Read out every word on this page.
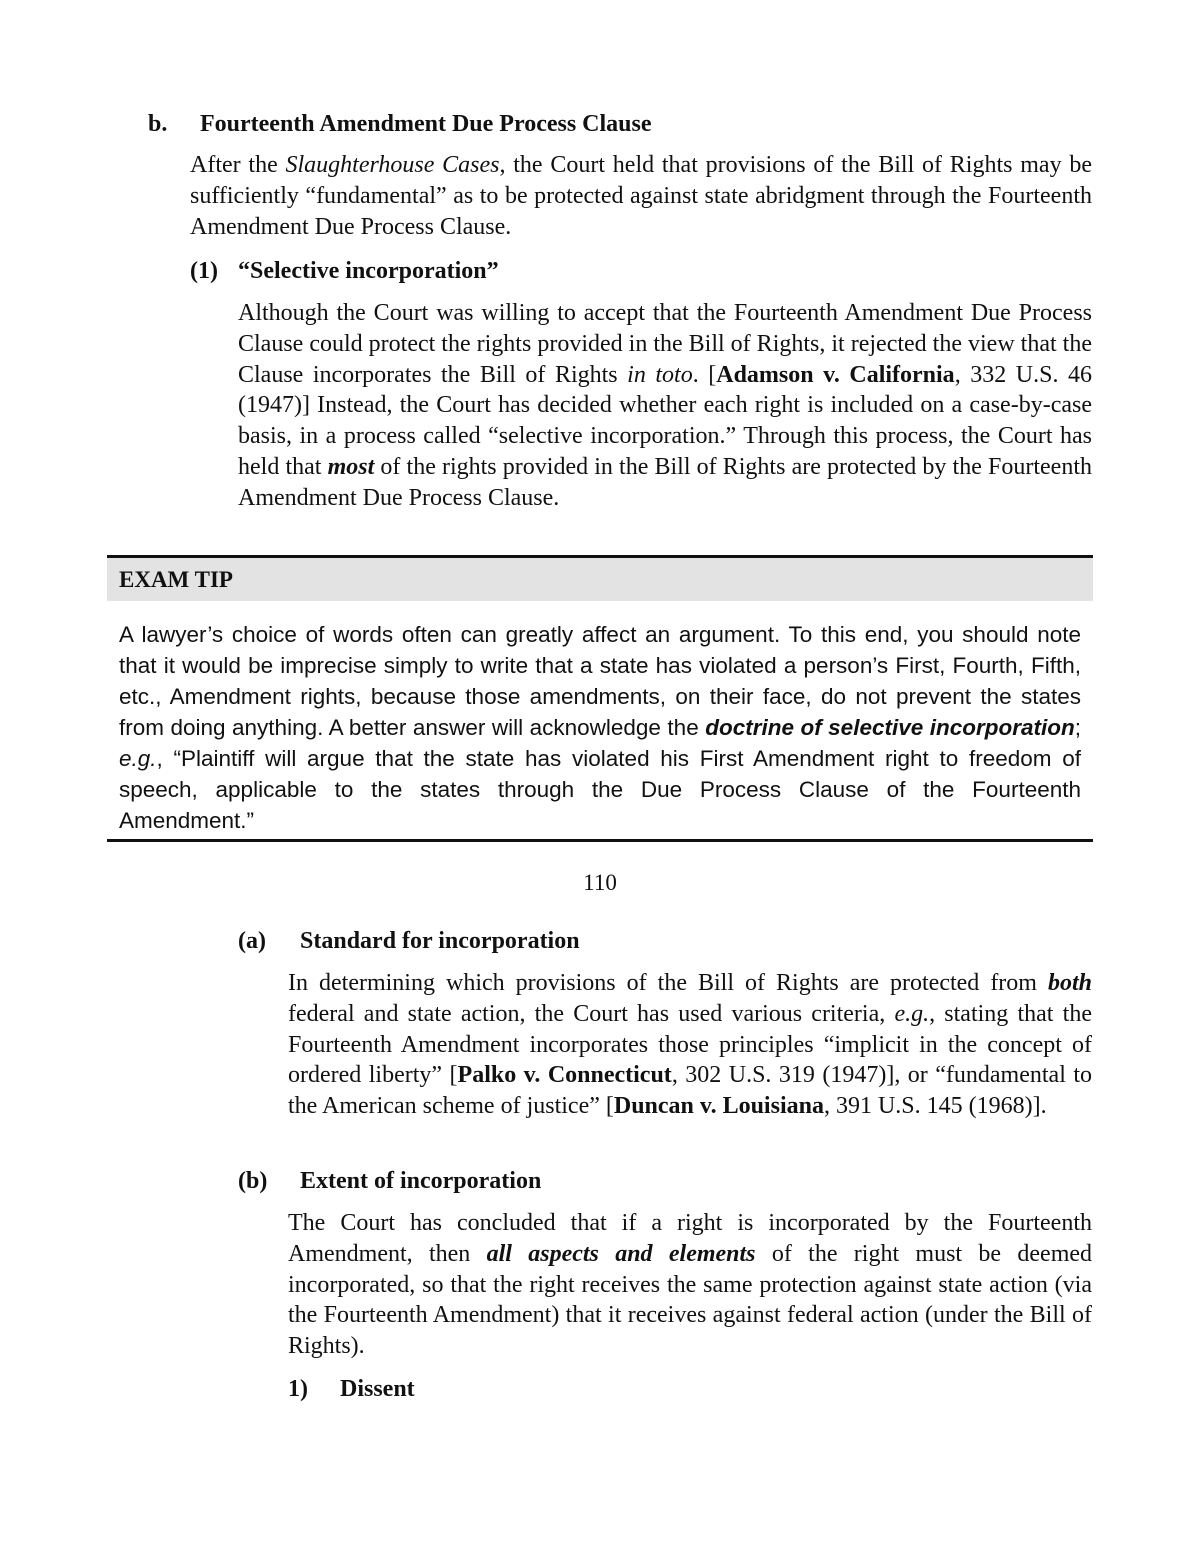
b. Fourteenth Amendment Due Process Clause
After the Slaughterhouse Cases, the Court held that provisions of the Bill of Rights may be sufficiently “fundamental” as to be protected against state abridgment through the Fourteenth Amendment Due Process Clause.
(1) “Selective incorporation”
Although the Court was willing to accept that the Fourteenth Amendment Due Process Clause could protect the rights provided in the Bill of Rights, it rejected the view that the Clause incorporates the Bill of Rights in toto. [Adamson v. California, 332 U.S. 46 (1947)] Instead, the Court has decided whether each right is included on a case-by-case basis, in a process called “selective incorporation.” Through this process, the Court has held that most of the rights provided in the Bill of Rights are protected by the Fourteenth Amendment Due Process Clause.
EXAM TIP
A lawyer’s choice of words often can greatly affect an argument. To this end, you should note that it would be imprecise simply to write that a state has violated a person’s First, Fourth, Fifth, etc., Amendment rights, because those amendments, on their face, do not prevent the states from doing anything. A better answer will acknowledge the doctrine of selective incorporation; e.g., “Plaintiff will argue that the state has violated his First Amendment right to freedom of speech, applicable to the states through the Due Process Clause of the Fourteenth Amendment.”
110
(a) Standard for incorporation
In determining which provisions of the Bill of Rights are protected from both federal and state action, the Court has used various criteria, e.g., stating that the Fourteenth Amendment incorporates those principles “implicit in the concept of ordered liberty” [Palko v. Connecticut, 302 U.S. 319 (1947)], or “fundamental to the American scheme of justice” [Duncan v. Louisiana, 391 U.S. 145 (1968)].
(b) Extent of incorporation
The Court has concluded that if a right is incorporated by the Fourteenth Amendment, then all aspects and elements of the right must be deemed incorporated, so that the right receives the same protection against state action (via the Fourteenth Amendment) that it receives against federal action (under the Bill of Rights).
1) Dissent
